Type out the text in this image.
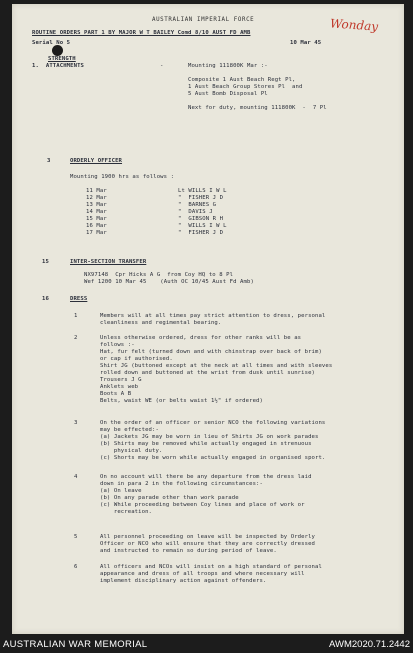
Wonday
AUSTRALIAN IMPERIAL FORCE
ROUTINE ORDERS PART 1 BY MAJOR W T BAILEY Comd 8/10 AUST FD AMB
Serial No 5	10 Mar 45
STRENGTH
1.  ATTACHMENTS	-	Mounting 111800K Mar :-
Composite 1 Aust Beach Regt Pl,
1 Aust Beach Group Stores Pl  and
5 Aust Bomb Disposal Pl
Next for duty, mounting 111800K  -  7 Pl
3	ORDERLY OFFICER
Mounting 1900 hrs as follows :
11 Mar	Lt WILLS I W L
12 Mar	"  FISHER J D
13 Mar	"  BARNES G
14 Mar	"  DAVIS J
15 Mar	"  GIBSON R H
16 Mar	"  WILLS I W L
17 Mar	"  FISHER J D
15	INTER-SECTION TRANSFER
NX97148  Cpr Hicks A G  from Coy HQ to 8 Pl
Wef 1200 10 Mar 45    (Auth OC 10/45 Aust Fd Amb)
16	DRESS
1	Members will at all times pay strict attention to dress, personal
cleanliness and regimental bearing.
2	Unless otherwise ordered, dress for other ranks will be as
follows :-
Hat, fur felt (turned down and with chinstrap over back of brim)
or cap if authorised.
Shirt JG (buttoned except at the neck at all times and with sleeves
rolled down and buttoned at the wrist from dusk until sunrise)
Trousers J G
Anklets web
Boots A B
Belts, waist WE (or belts waist 1½" if ordered)
3	On the order of an officer or senior NCO the following variations
may be effected:-
(a) Jackets JG may be worn in lieu of Shirts JG on work parades
(b) Shirts may be removed while actually engaged in strenuous
physical duty.
(c) Shorts may be worn while actually engaged in organised sport.
4	On no account will there be any departure from the dress laid
down in para 2 in the following circumstances:-
(a) On leave
(b) On any parade other than work parade
(c) While proceeding between Coy lines and place of work or
recreation.
5	All personnel proceeding on leave will be inspected by Orderly
Officer or NCO who will ensure that they are correctly dressed
and instructed to remain so during period of leave.
6	All officers and NCOs will insist on a high standard of personal
appearance and dress of all troops and where necessary will
implement disciplinary action against offenders.
AUSTRALIAN WAR MEMORIAL	AWM2020.71.2442
